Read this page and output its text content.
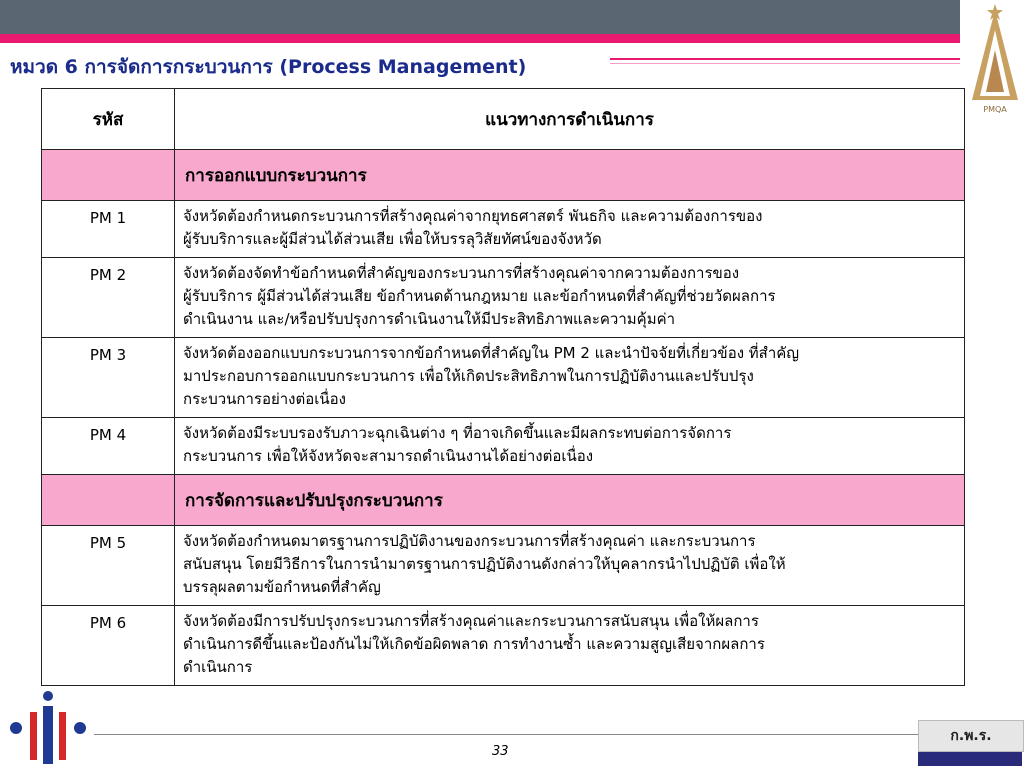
หมวด 6 การจัดการกระบวนการ (Process Management)
PMQA
รหัส	แนวทางการดำเนินการ
	การออกแบบกระบวนการ
PM 1	จังหวัดต้องกำหนดกระบวนการที่สร้างคุณค่าจากยุทธศาสตร์ พันธกิจ และความต้องการของ
ผู้รับบริการและผู้มีส่วนได้ส่วนเสีย เพื่อให้บรรลุวิสัยทัศน์ของจังหวัด

PM 2	จังหวัดต้องจัดทำข้อกำหนดที่สำคัญของกระบวนการที่สร้างคุณค่าจากความต้องการของ
ผู้รับบริการ ผู้มีส่วนได้ส่วนเสีย ข้อกำหนดด้านกฎหมาย และข้อกำหนดที่สำคัญที่ช่วยวัดผลการ
ดำเนินงาน และ/หรือปรับปรุงการดำเนินงานให้มีประสิทธิภาพและความคุ้มค่า

PM 3	จังหวัดต้องออกแบบกระบวนการจากข้อกำหนดที่สำคัญใน PM 2 และนำปัจจัยที่เกี่ยวข้อง ที่สำคัญ
มาประกอบการออกแบบกระบวนการ เพื่อให้เกิดประสิทธิภาพในการปฏิบัติงานและปรับปรุง
กระบวนการอย่างต่อเนื่อง

PM 4	จังหวัดต้องมีระบบรองรับภาวะฉุกเฉินต่าง ๆ ที่อาจเกิดขึ้นและมีผลกระทบต่อการจัดการ
กระบวนการ เพื่อให้จังหวัดจะสามารถดำเนินงานได้อย่างต่อเนื่อง

	การจัดการและปรับปรุงกระบวนการ
PM 5	จังหวัดต้องกำหนดมาตรฐานการปฏิบัติงานของกระบวนการที่สร้างคุณค่า และกระบวนการ
สนับสนุน โดยมีวิธีการในการนำมาตรฐานการปฏิบัติงานดังกล่าวให้บุคลากรนำไปปฏิบัติ เพื่อให้
บรรลุผลตามข้อกำหนดที่สำคัญ

PM 6	จังหวัดต้องมีการปรับปรุงกระบวนการที่สร้างคุณค่าและกระบวนการสนับสนุน เพื่อให้ผลการ
ดำเนินการดีขึ้นและป้องกันไม่ให้เกิดข้อผิดพลาด การทำงานซ้ำ และความสูญเสียจากผลการ
ดำเนินการ
33
ก.พ.ร.
